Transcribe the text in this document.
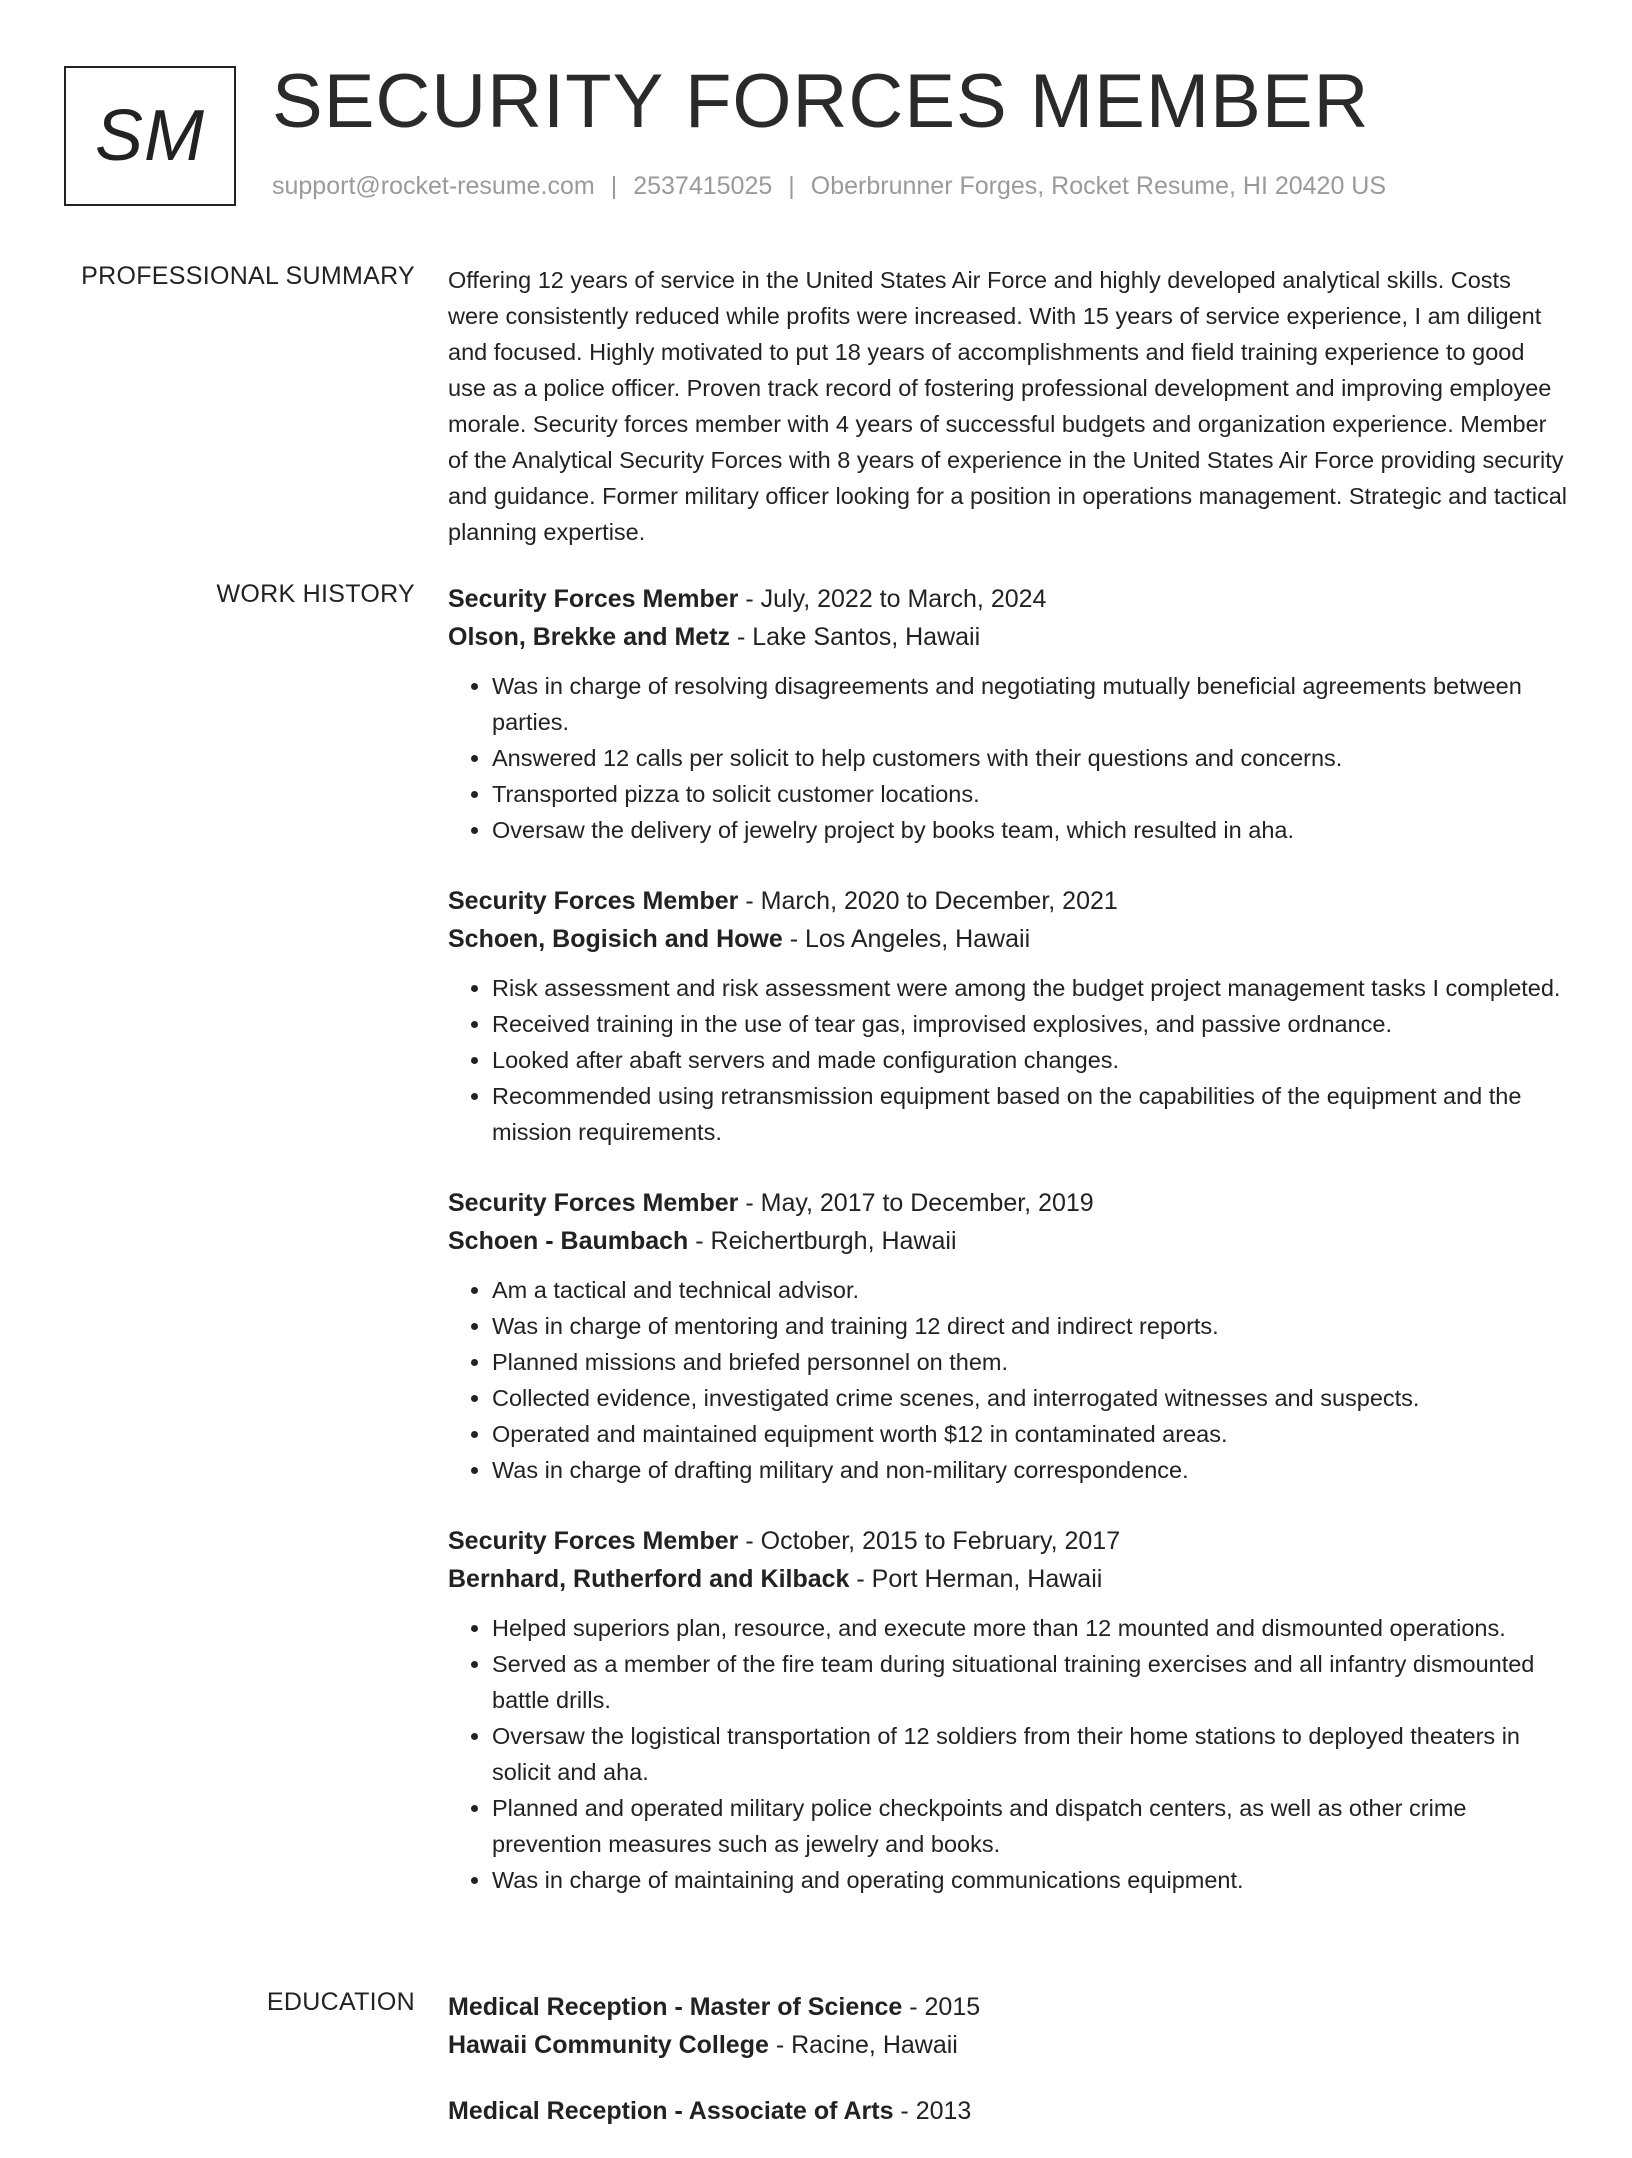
SM SECURITY FORCES MEMBER
support@rocket-resume.com | 2537415025 | Oberbrunner Forges, Rocket Resume, HI 20420 US
PROFESSIONAL SUMMARY Offering 12 years of service in the United States Air Force and highly developed analytical skills. Costs were consistently reduced while profits were increased. With 15 years of service experience, I am diligent and focused. Highly motivated to put 18 years of accomplishments and field training experience to good use as a police officer. Proven track record of fostering professional development and improving employee morale. Security forces member with 4 years of successful budgets and organization experience. Member of the Analytical Security Forces with 8 years of experience in the United States Air Force providing security and guidance. Former military officer looking for a position in operations management. Strategic and tactical planning expertise.

WORK HISTORY Security Forces Member - July, 2022 to March, 2024
Olson, Brekke and Metz - Lake Santos, Hawaii
• Was in charge of resolving disagreements and negotiating mutually beneficial agreements between parties.
• Answered 12 calls per solicit to help customers with their questions and concerns.
• Transported pizza to solicit customer locations.
• Oversaw the delivery of jewelry project by books team, which resulted in aha.
Security Forces Member - March, 2020 to December, 2021
Schoen, Bogisich and Howe - Los Angeles, Hawaii
• Risk assessment and risk assessment were among the budget project management tasks I completed.
• Received training in the use of tear gas, improvised explosives, and passive ordnance.
• Looked after abaft servers and made configuration changes.
• Recommended using retransmission equipment based on the capabilities of the equipment and the mission requirements.
Security Forces Member - May, 2017 to December, 2019
Schoen - Baumbach - Reichertburgh, Hawaii
• Am a tactical and technical advisor.
• Was in charge of mentoring and training 12 direct and indirect reports.
• Planned missions and briefed personnel on them.
• Collected evidence, investigated crime scenes, and interrogated witnesses and suspects.
• Operated and maintained equipment worth $12 in contaminated areas.
• Was in charge of drafting military and non-military correspondence.
Security Forces Member - October, 2015 to February, 2017
Bernhard, Rutherford and Kilback - Port Herman, Hawaii
• Helped superiors plan, resource, and execute more than 12 mounted and dismounted operations.
• Served as a member of the fire team during situational training exercises and all infantry dismounted battle drills.
• Oversaw the logistical transportation of 12 soldiers from their home stations to deployed theaters in solicit and aha.
• Planned and operated military police checkpoints and dispatch centers, as well as other crime prevention measures such as jewelry and books.
• Was in charge of maintaining and operating communications equipment.
EDUCATION Medical Reception - Master of Science - 2015
Hawaii Community College - Racine, Hawaii
Medical Reception - Associate of Arts - 2013
